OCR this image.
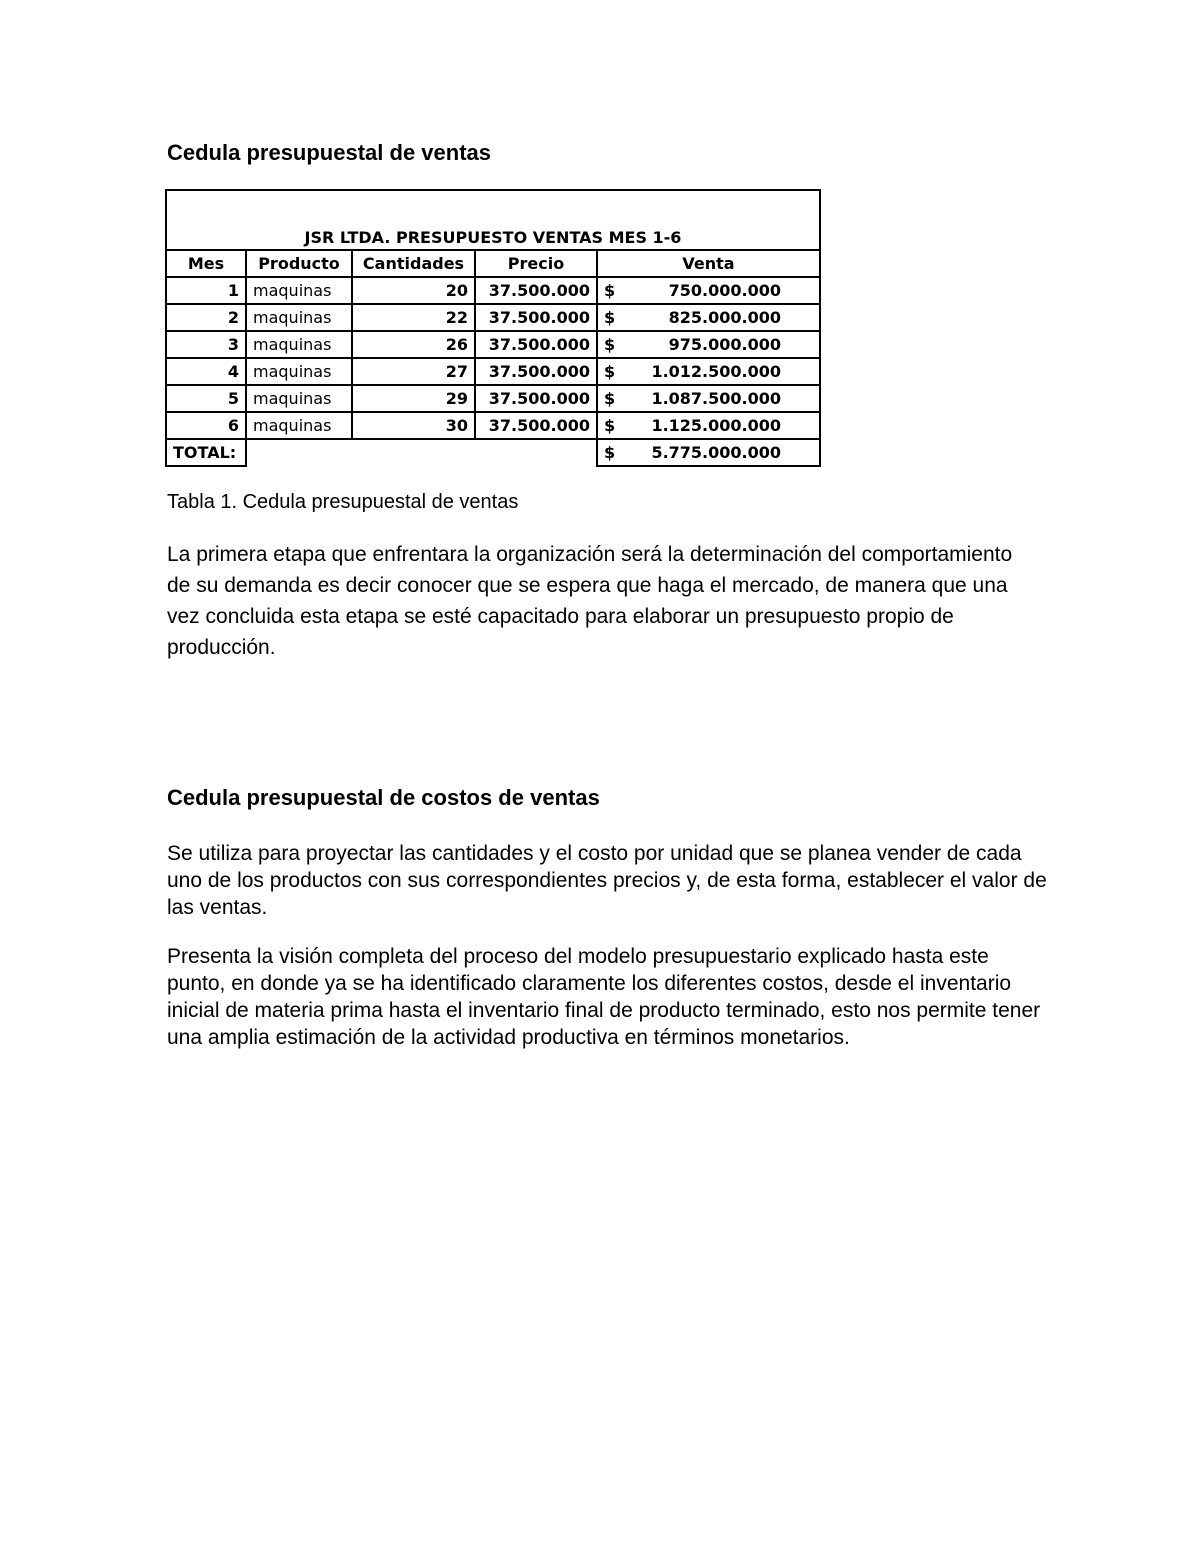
Cedula presupuestal de ventas
JSR LTDA. PRESUPUESTO VENTAS MES 1-6				
Mes	Producto	Cantidades	Precio	Venta
1	maquinas	20	37.500.000	$ 750.000.000

2	maquinas	22	37.500.000	$ 825.000.000

3	maquinas	26	37.500.000	$ 975.000.000

4	maquinas	27	37.500.000	$ 1.012.500.000

5	maquinas	29	37.500.000	$ 1.087.500.000

6	maquinas	30	37.500.000	$ 1.125.000.000

TOTAL:				$ 5.775.000.000

Tabla 1. Cedula presupuestal de ventas

La primera etapa que enfrentara la organización será la determinación del comportamiento de su demanda es decir conocer que se espera que haga el mercado, de manera que una vez concluida esta etapa se esté capacitado para elaborar un presupuesto propio de producción.

Cedula presupuestal de costos de ventas

Se utiliza para proyectar las cantidades y el costo por unidad que se planea vender de cada uno de los productos con sus correspondientes precios y, de esta forma, establecer el valor de las ventas.

Presenta la visión completa del proceso del modelo presupuestario explicado hasta este punto, en donde ya se ha identificado claramente los diferentes costos, desde el inventario inicial de materia prima hasta el inventario final de producto terminado, esto nos permite tener una amplia estimación de la actividad productiva en términos monetarios.
